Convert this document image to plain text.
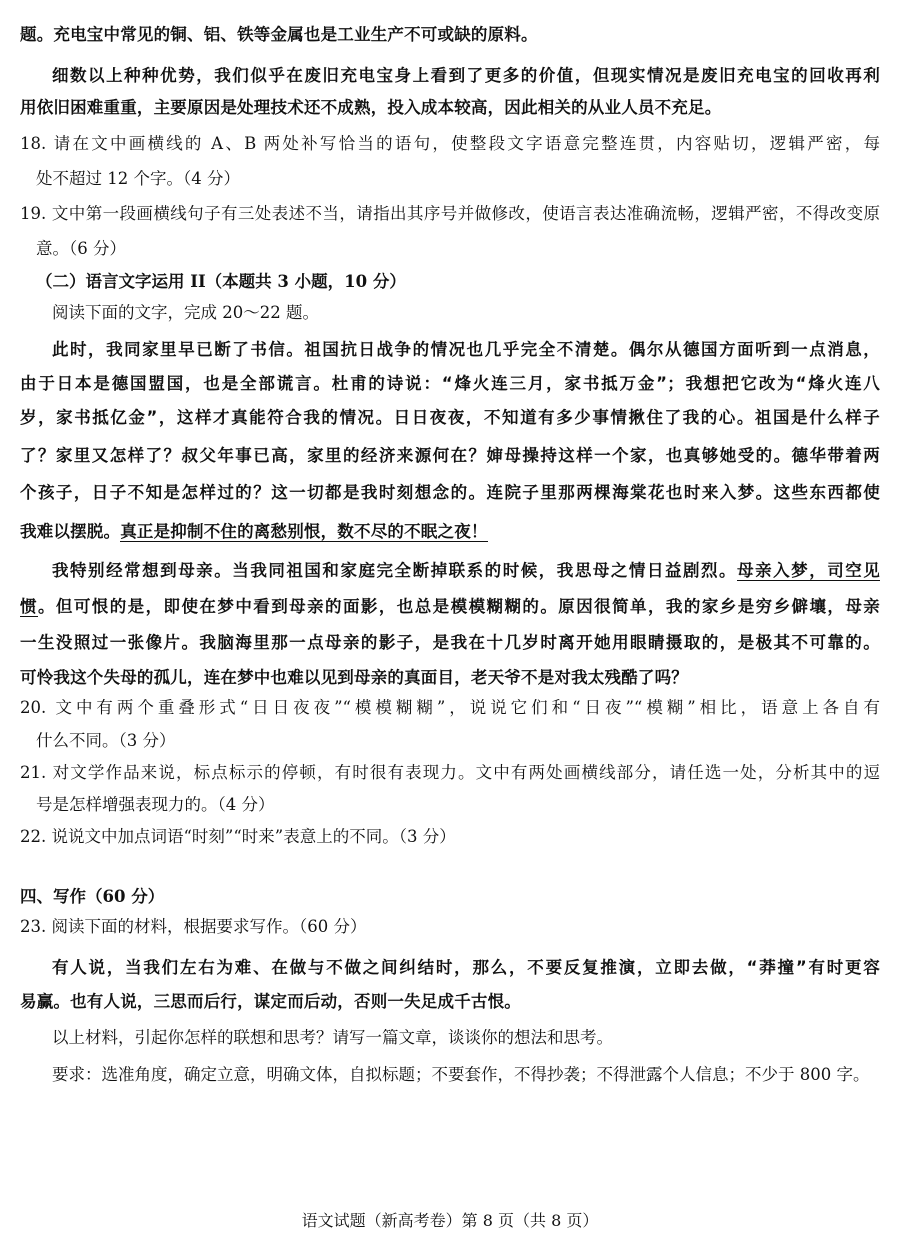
题。充电宝中常见的铜、铝、铁等金属也是工业生产不可或缺的原料。
细数以上种种优势，我们似乎在废旧充电宝身上看到了更多的价值，但现实情况是废旧充电宝的回收再利
用依旧困难重重，主要原因是处理技术还不成熟，投入成本较高，因此相关的从业人员不充足。
18. 请在文中画横线的 A、B 两处补写恰当的语句，使整段文字语意完整连贯，内容贴切，逻辑严密，每
处不超过 12 个字。（4 分）
19. 文中第一段画横线句子有三处表述不当，请指出其序号并做修改，使语言表达准确流畅，逻辑严密，不得改变原
意。（6 分）
（二）语言文字运用 II（本题共 3 小题，10 分）
阅读下面的文字，完成 20～22 题。
此时，我同家里早已断了书信。祖国抗日战争的情况也几乎完全不清楚。偶尔从德国方面听到一点消息，
由于日本是德国盟国，也是全部谎言。杜甫的诗说：“烽火连三月，家书抵万金”；我想把它改为“烽火连八
岁，家书抵亿金”，这样才真能符合我的情况。日日夜夜，不知道有多少事情揪住了我的心。祖国是什么样子
了？家里又怎样了？叔父年事已高，家里的经济来源何在？婶母操持这样一个家，也真够她受的。德华带着两
个孩子，日子不知是怎样过的？这一切都是我时刻想念的。连院子里那两棵海棠花也时来入梦。这些东西都使
我难以摆脱。真正是抑制不住的离愁别恨，数不尽的不眠之夜！
我特别经常想到母亲。当我同祖国和家庭完全断掉联系的时候，我思母之情日益剧烈。母亲入梦，司空见
惯。但可恨的是，即使在梦中看到母亲的面影，也总是模模糊糊的。原因很简单，我的家乡是穷乡僻壤，母亲
一生没照过一张像片。我脑海里那一点母亲的影子，是我在十几岁时离开她用眼睛摄取的，是极其不可靠的。
可怜我这个失母的孤儿，连在梦中也难以见到母亲的真面目，老天爷不是对我太残酷了吗？
20. 文中有两个重叠形式“日日夜夜”“模模糊糊”，说说它们和“日夜”“模糊”相比，语意上各自有
什么不同。（3 分）
21. 对文学作品来说，标点标示的停顿，有时很有表现力。文中有两处画横线部分，请任选一处，分析其中的逗
号是怎样增强表现力的。（4 分）
22. 说说文中加点词语“时刻”“时来”表意上的不同。（3 分）
四、写作（60 分）
23. 阅读下面的材料，根据要求写作。（60 分）
有人说，当我们左右为难、在做与不做之间纠结时，那么，不要反复推演，立即去做，“莽撞”有时更容
易赢。也有人说，三思而后行，谋定而后动，否则一失足成千古恨。
以上材料，引起你怎样的联想和思考？请写一篇文章，谈谈你的想法和思考。
要求：选准角度，确定立意，明确文体，自拟标题；不要套作，不得抄袭；不得泄露个人信息；不少于 800 字。
语文试题（新高考卷）第 8 页（共 8 页）
